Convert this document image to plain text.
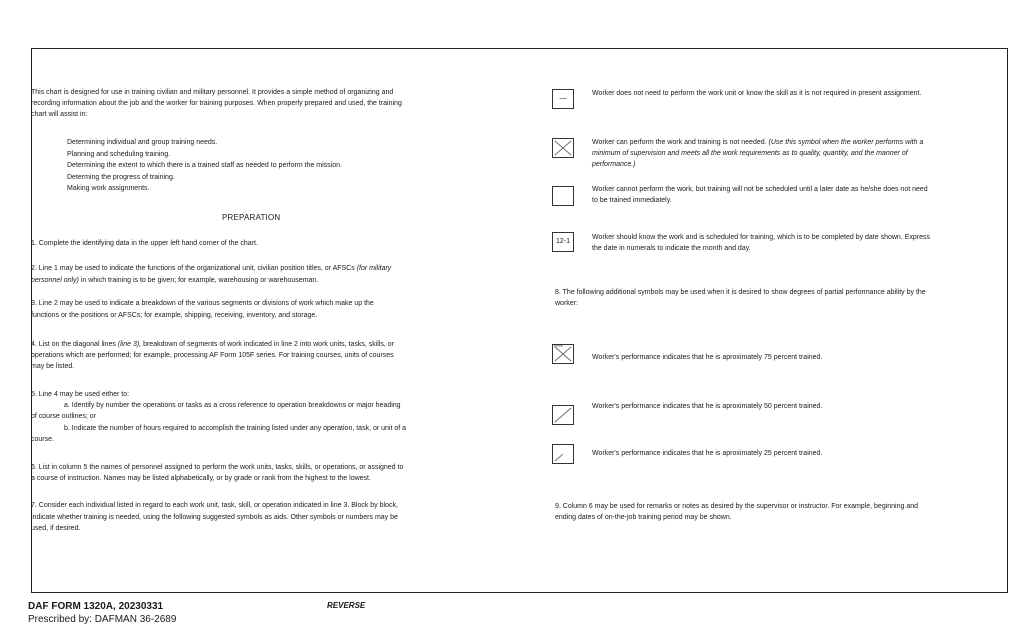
This chart is designed for use in training civilian and military personnel. It provides a simple method of organizing and
recording information about the job and the worker for training purposes. When properly prepared and used, the training
chart will assist in:
Determining individual and group training needs.
Planning and scheduling training.
Determining the extent to which there is a trained staff as needed to perform the mission.
Determing the progress of training.
Making work assignments.
PREPARATION
1. Complete the identifying data in the upper left hand corner of the chart.
2. Line 1 may be used to indicate the functions of the organizational unit, civilian position titles, or AFSCs (for military
personnel only) in which training is to be given; for example, warehousing or warehouseman.
3. Line 2 may be used to indicate a breakdown of the various segments or divisions of work which make up the
functions or the positions or AFSCs; for example, shipping, receiving, inventory, and storage.
4. List on the diagonal lines (line 3), breakdown of segments of work indicated in line 2 into work units, tasks, skills, or
operations which are performed; for example, processing AF Form 105F series. For training courses, units of courses
may be listed.
5. Line 4 may be used either to:
a. Identify by number the operations or tasks as a cross reference to operation breakdowns or major heading
of course outlines; or
b. Indicate the number of hours required to accomplish the training listed under any operation, task, or unit of a
course.
6. List in column 5 the names of personnel assigned to perform the work units, tasks, skills, or operations, or assigned to
a course of instruction. Names may be listed alphabetically, or by grade or rank from the highest to the lowest.
7. Consider each individual listed in regard to each work unit, task, skill, or operation indicated in line 3. Block by block,
indicate whether training is needed, using the following suggested symbols as aids. Other symbols or numbers may be
used, if desired.
—
Worker does not need to perform the work unit or know the skill as it is not required in present assignment.
Worker can perform the work and training is not needed. (Use this symbol when the worker performs with a
minimum of supervision and meets all the work requirements as to quality, quantity, and the manner of
performance.)
Worker cannot perform the work, but training will not be scheduled until a later date as he/she does not need
to be trained immediately.
12-1
Worker should know the work and is scheduled for training, which is to be completed by date shown. Express
the date in numerals to indicate the month and day.
8. The following additional symbols may be used when it is desired to show degrees of partial performance ability by the
worker:
Worker's performance indicates that he is aproximately 75 percent trained.
Worker's performance indicates that he is aproximately 50 percent trained.
Worker's performance indicates that he is aproximately 25 percent trained.
9. Column 6 may be used for remarks or notes as desired by the supervisor or instructor. For example, beginning and
ending dates of on-the-job training period may be shown.
DAF FORM 1320A, 20230331	REVERSE
Prescribed by: DAFMAN 36-2689
